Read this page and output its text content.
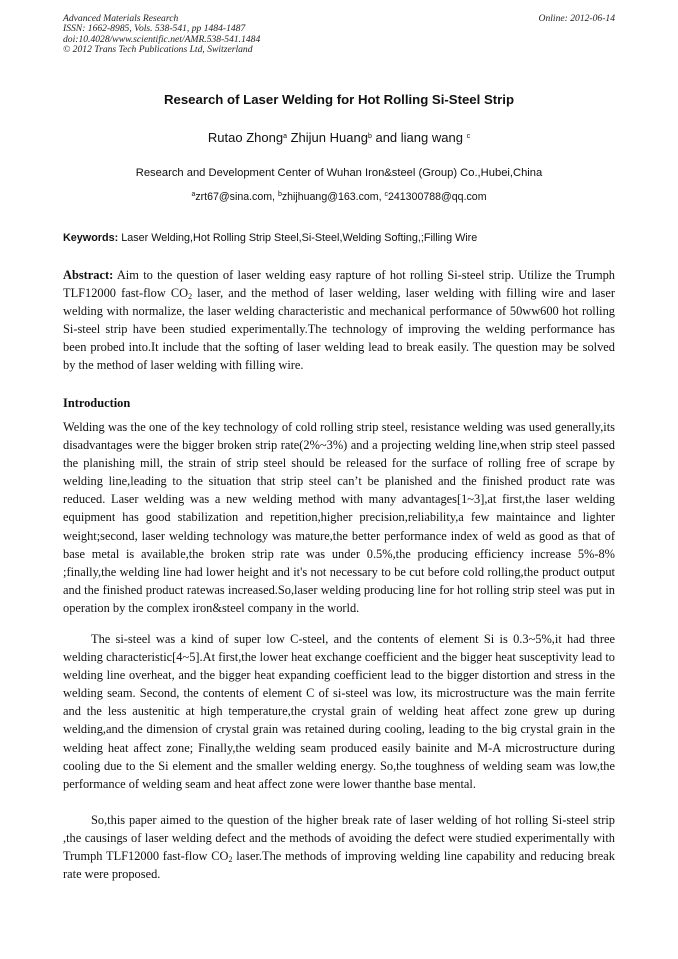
Advanced Materials Research
ISSN: 1662-8985, Vols. 538-541, pp 1484-1487
doi:10.4028/www.scientific.net/AMR.538-541.1484
© 2012 Trans Tech Publications Ltd, Switzerland
Online: 2012-06-14
Research of Laser Welding for Hot Rolling Si-Steel Strip
Rutao Zhong$^a$ Zhijun Huang$^b$ and liang wang $^c$
Research and Development Center of Wuhan Iron&steel (Group) Co.,Hubei,China
$^a$zrt67@sina.com, $^b$zhijhuang@163.com, $^c$241300788@qq.com
Keywords: Laser Welding,Hot Rolling Strip Steel,Si-Steel,Welding Softing,;Filling Wire

Abstract: Aim to the question of laser welding easy rapture of hot rolling Si-steel strip. Utilize the Trumph TLF12000 fast-flow $CO_2$ laser, and the method of laser welding, laser welding with filling wire and laser welding with normalize, the laser welding characteristic and mechanical performance of 50ww600 hot rolling Si-steel strip have been studied experimentally.The technology of improving the welding performance has been probed into.It include that the softing of laser welding lead to break easily. The question may be solved by the method of laser welding with filling wire.

Introduction

Welding was the one of the key technology of cold rolling strip steel, resistance welding was used generally,its disadvantages were the bigger broken strip rate(2%~3%) and a projecting welding line,when strip steel passed the planishing mill, the strain of strip steel should be released for the surface of rolling free of scrape by welding line,leading to the situation that strip steel can’t be planished and the finished product rate was reduced. Laser welding was a new welding method with many advantages[1~3],at first,the laser welding equipment has good stabilization and repetition,higher precision,reliability,a few maintaince and lighter weight;second, laser welding technology was mature,the better performance index of weld as good as that of base metal is available,the broken strip rate was under 0.5%,the producing efficiency increase 5%-8% ;finally,the welding line had lower height and it's not necessary to be cut before cold rolling,the product output and the finished product ratewas increased.So,laser welding producing line for hot rolling strip steel was put in operation by the complex iron&steel company in the world.

The si-steel was a kind of super low C-steel, and the contents of element Si is 0.3~5%,it had three welding characteristic[4~5].At first,the lower heat exchange coefficient and the bigger heat susceptivity lead to welding line overheat, and the bigger heat expanding coefficient lead to the bigger distortion and stress in the welding seam. Second, the contents of element C of si-steel was low, its microstructure was the main ferrite and the less austenitic at high temperature,the crystal grain of welding heat affect zone grew up during welding,and the dimension of crystal grain was retained during cooling, leading to the big crystal grain in the welding heat affect zone; Finally,the welding seam produced easily bainite and M-A microstructure during cooling due to the Si element and the smaller welding energy. So,the toughness of welding seam was low,the performance of welding seam and heat affect zone were lower thanthe base mental.

So,this paper aimed to the question of the higher break rate of laser welding of hot rolling Si-steel strip ,the causings of laser welding defect and the methods of avoiding the defect were studied experimentally with Trumph TLF12000 fast-flow $CO_2$ laser.The methods of improving welding line capability and reducing break rate were proposed.
